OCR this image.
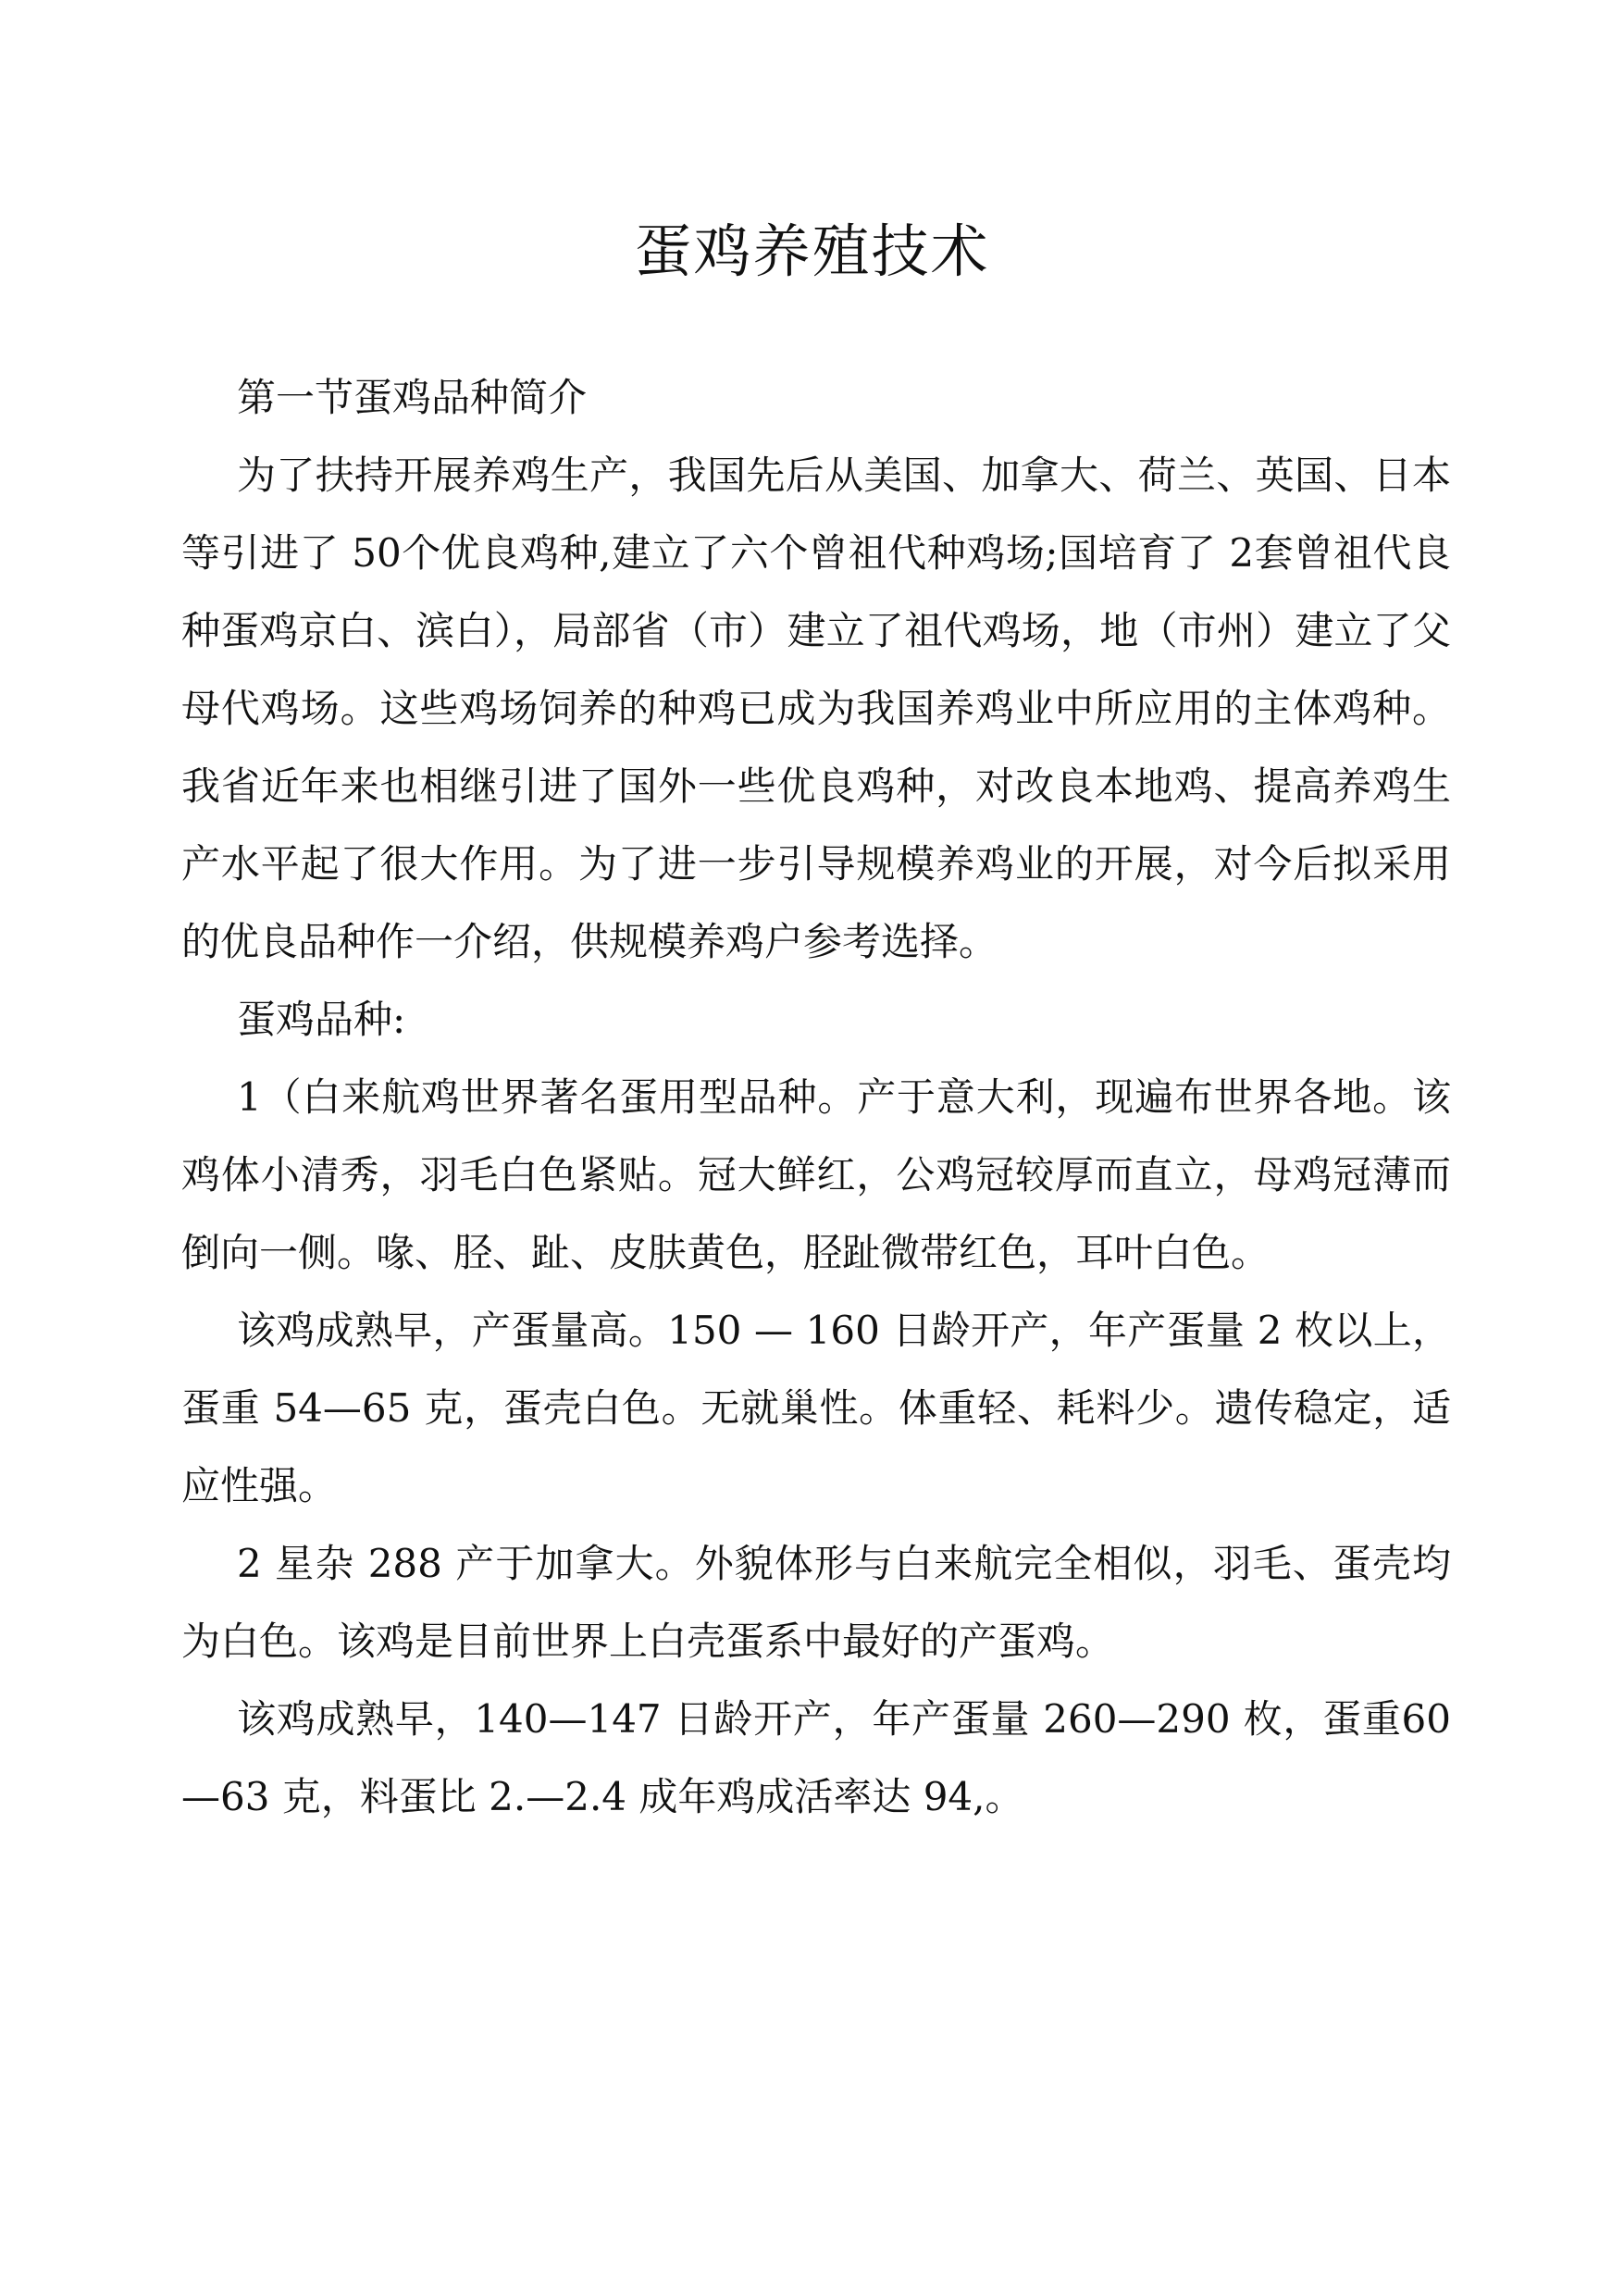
蛋鸡养殖技术

第一节蛋鸡品种简介

为了扶持开展养鸡生产，我国先后从美国、加拿大、荷兰、英国、日本等引进了 50个优良鸡种,建立了六个曾祖代种鸡场;国培育了 2套曾祖代良种蛋鸡京白、滨白），局部省（市）建立了祖代鸡场，地（市州）建立了父母代鸡场。这些鸡场饲养的种鸡已成为我国养鸡业中所应用的主体鸡种。我省近年来也相继引进了国外一些优良鸡种，对改良本地鸡、提高养鸡生产水平起了很大作用。为了进一步引导规模养鸡业的开展，对今后拟采用的优良品种作一介绍，供规模养鸡户参考选择。

蛋鸡品种:

1（白来航鸡世界著名蛋用型品种。产于意大利，现遍布世界各地。该鸡体小清秀，羽毛白色紧贴。冠大鲜红，公鸡冠较厚而直立，母鸡冠薄而倒向一侧。喙、胫、趾、皮肤黄色，胫趾微带红色，耳叶白色。

该鸡成熟早，产蛋量高。150 — 160 日龄开产，年产蛋量 2 枚以上，蛋重 54—65 克，蛋壳白色。无就巢性。体重轻、耗料少。遗传稳定，适应性强。

2 星杂 288 产于加拿大。外貌体形与白来航完全相似，羽毛、蛋壳均为白色。该鸡是目前世界上白壳蛋系中最好的产蛋鸡。

该鸡成熟早，140—147 日龄开产，年产蛋量 260—290 枚，蛋重60—63 克，料蛋比 2.—2.4 成年鸡成活率达 94,。
